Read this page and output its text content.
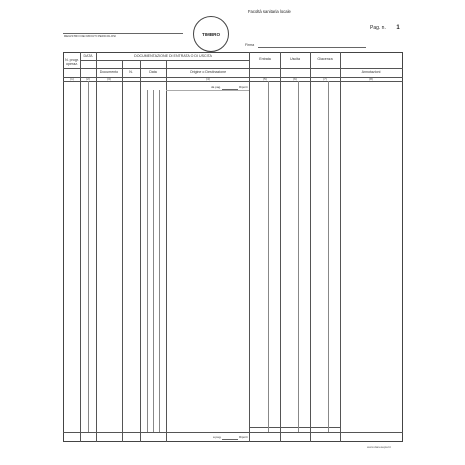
Facoltà sanitaria locale
TIMBRO
Pag. n. 1
REGISTRO DEI RIFIUTI PERICOLOSI
Firma
N. progr. operaz.
DATA	DOCUMENTAZIONE DI ENTRATA O DI USCITA
Documento	N.	Data	Origine o Destinazione
Entrata	Uscita	Giacenza
Annotazioni
(1)	(2)	(3)	(4)	(5)	(6)	(7)	(8)
da pag.	Riporti
a pag.	Riporti
www.danesepiel.it
